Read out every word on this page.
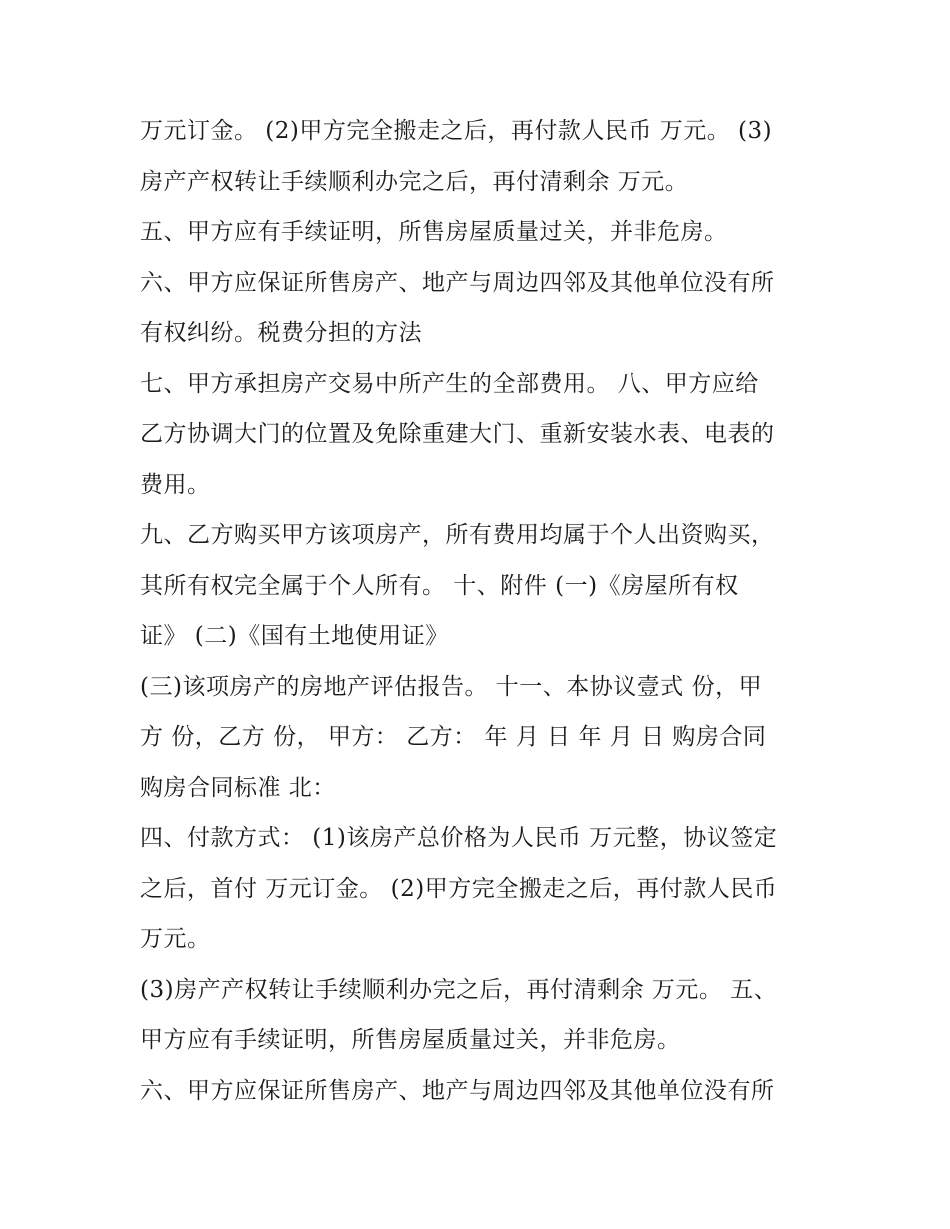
万元订金。 (2)甲方完全搬走之后，再付款人民币 万元。 (3)
房产产权转让手续顺利办完之后，再付清剩余 万元。
五、甲方应有手续证明，所售房屋质量过关，并非危房。
六、甲方应保证所售房产、地产与周边四邻及其他单位没有所
有权纠纷。税费分担的方法
七、甲方承担房产交易中所产生的全部费用。 八、甲方应给
乙方协调大门的位置及免除重建大门、重新安装水表、电表的
费用。
九、乙方购买甲方该项房产，所有费用均属于个人出资购买，
其所有权完全属于个人所有。 十、附件 (一)《房屋所有权
证》 (二)《国有土地使用证》
(三)该项房产的房地产评估报告。 十一、本协议壹式 份，甲
方 份，乙方 份， 甲方： 乙方： 年 月 日 年 月 日 购房合同
购房合同标准 北：
四、付款方式： (1)该房产总价格为人民币 万元整，协议签定
之后，首付 万元订金。 (2)甲方完全搬走之后，再付款人民币
万元。
(3)房产产权转让手续顺利办完之后，再付清剩余 万元。 五、
甲方应有手续证明，所售房屋质量过关，并非危房。
六、甲方应保证所售房产、地产与周边四邻及其他单位没有所
